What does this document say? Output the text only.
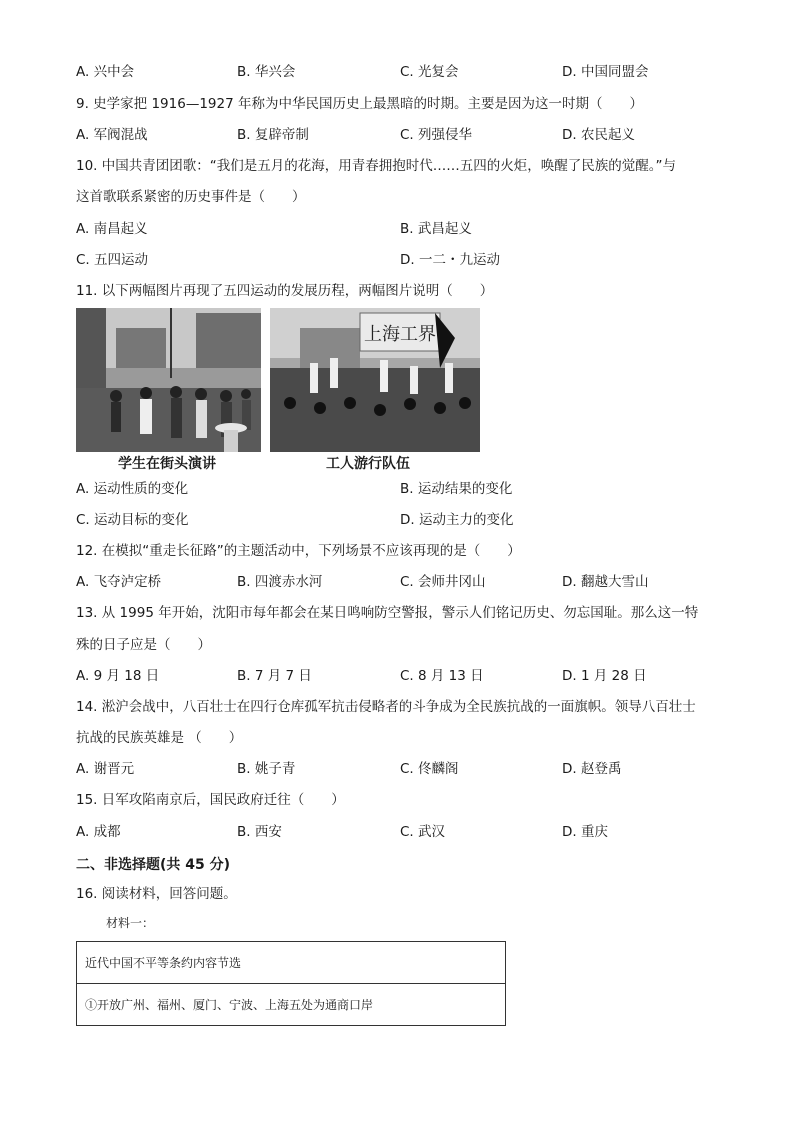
A. 兴中会	B. 华兴会	C. 光复会	D. 中国同盟会
9. 史学家把 1916—1927 年称为中华民国历史上最黑暗的时期。主要是因为这一时期（　　）
A. 军阀混战	B. 复辟帝制	C. 列强侵华	D. 农民起义
10. 中国共青团团歌：“我们是五月的花海，用青春拥抱时代……五四的火炬，唤醒了民族的觉醒。”与
这首歌联系紧密的历史事件是（　　）
A. 南昌起义	B. 武昌起义
C. 五四运动	D. 一二・九运动
11. 以下两幅图片再现了五四运动的发展历程，两幅图片说明（　　）
上海工界
学生在街头演讲	工人游行队伍
A. 运动性质的变化	B. 运动结果的变化
C. 运动目标的变化	D. 运动主力的变化
12. 在模拟“重走长征路”的主题活动中，下列场景不应该再现的是（　　）
A. 飞夺泸定桥	B. 四渡赤水河	C. 会师井冈山	D. 翻越大雪山
13. 从 1995 年开始，沈阳市每年都会在某日鸣响防空警报，警示人们铭记历史、勿忘国耻。那么这一特
殊的日子应是（　　）
A. 9 月 18 日	B. 7 月 7 日	C. 8 月 13 日	D. 1 月 28 日
14. 淞沪会战中，八百壮士在四行仓库孤军抗击侵略者的斗争成为全民族抗战的一面旗帜。领导八百壮士
抗战的民族英雄是 （　　）
A. 谢晋元	B. 姚子青	C. 佟麟阁	D. 赵登禹
15. 日军攻陷南京后，国民政府迁往（　　）
A. 成都	B. 西安	C. 武汉	D. 重庆
二、非选择题(共 45 分)
16. 阅读材料，回答问题。
材料一：
近代中国不平等条约内容节选
①开放广州、福州、厦门、宁波、上海五处为通商口岸
